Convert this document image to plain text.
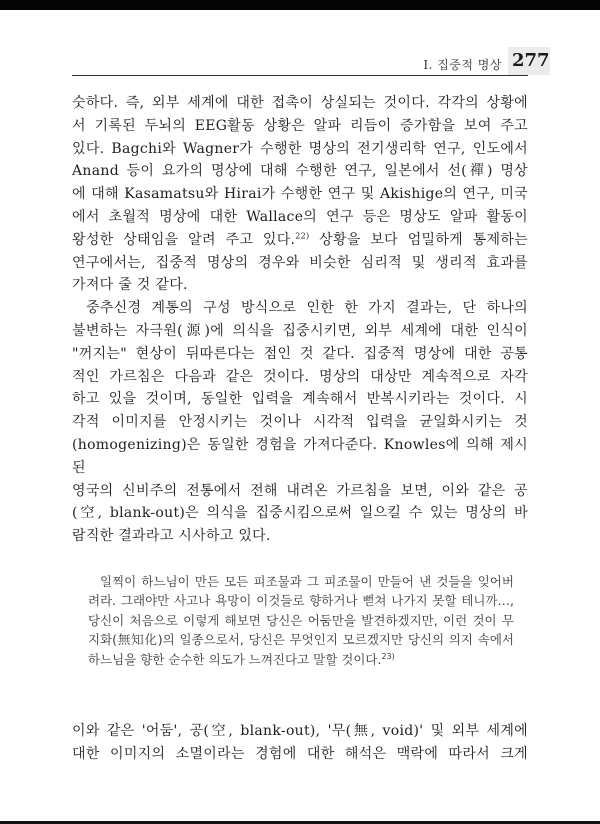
I. 집중적 명상 277

숫하다. 즉, 외부 세계에 대한 접촉이 상실되는 것이다. 각각의 상황에

서 기록된 두뇌의 EEG활동 상황은 알파 리듬이 증가함을 보여 주고

있다. Bagchi와 Wagner가 수행한 명상의 전기생리학 연구, 인도에서

Anand 등이 요가의 명상에 대해 수행한 연구, 일본에서 선(禪) 명상

에 대해 Kasamatsu와 Hirai가 수행한 연구 및 Akishige의 연구, 미국

에서 초월적 명상에 대한 Wallace의 연구 등은 명상도 알파 활동이

왕성한 상태임을 알려 주고 있다.$^{22)}$ 상황을 보다 엄밀하게 통제하는

연구에서는, 집중적 명상의 경우와 비슷한 심리적 및 생리적 효과를

가져다 줄 것 같다.

중추신경 계통의 구성 방식으로 인한 한 가지 결과는, 단 하나의

불변하는 자극원(源)에 의식을 집중시키면, 외부 세계에 대한 인식이

"꺼지는" 현상이 뒤따른다는 점인 것 같다. 집중적 명상에 대한 공통

적인 가르침은 다음과 같은 것이다. 명상의 대상만 계속적으로 자각

하고 있을 것이며, 동일한 입력을 계속해서 반복시키라는 것이다. 시

각적 이미지를 안정시키는 것이나 시각적 입력을 균일화시키는 것

(homogenizing)은 동일한 경험을 가져다준다. Knowles에 의해 제시된

영국의 신비주의 전통에서 전해 내려온 가르침을 보면, 이와 같은 공

(空, blank-out)은 의식을 집중시킴으로써 일으킬 수 있는 명상의 바

람직한 결과라고 시사하고 있다.

일찍이 하느님이 만든 모든 피조물과 그 피조물이 만들어 낸 것들을 잊어버려라. 그래야만 사고나 욕망이 이것들로 향하거나 뻗쳐 나가지 못할 테니까…, 당신이 처음으로 이렇게 해보면 당신은 어둠만을 발견하겠지만, 이런 것이 무지화(無知化)의 일종으로서, 당신은 무엇인지 모르겠지만 당신의 의지 속에서 하느님을 향한 순수한 의도가 느껴진다고 말할 것이다.$^{23)}$

이와 같은 '어둠', 공(空, blank-out), '무(無, void)' 및 외부 세계에

대한 이미지의 소멸이라는 경험에 대한 해석은 맥락에 따라서 크게
